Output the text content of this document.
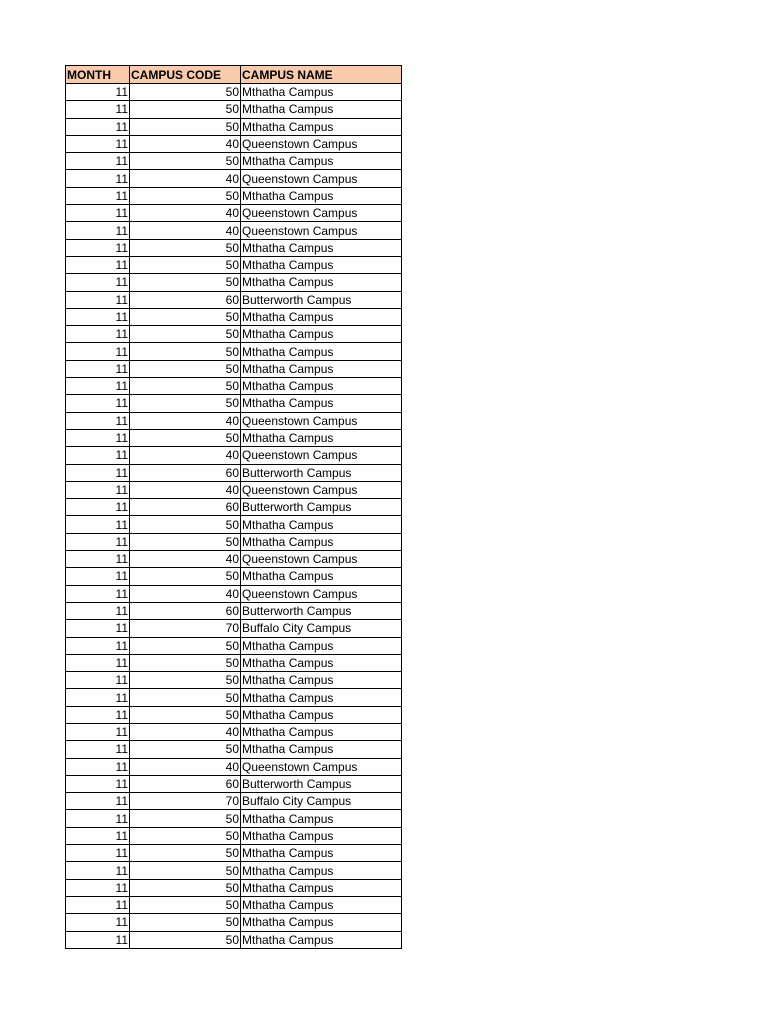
MONTH	CAMPUS CODE	CAMPUS NAME
11	50	Mthatha Campus
11	50	Mthatha Campus
11	50	Mthatha Campus
11	40	Queenstown Campus
11	50	Mthatha Campus
11	40	Queenstown Campus
11	50	Mthatha Campus
11	40	Queenstown Campus
11	40	Queenstown Campus
11	50	Mthatha Campus
11	50	Mthatha Campus
11	50	Mthatha Campus
11	60	Butterworth Campus
11	50	Mthatha Campus
11	50	Mthatha Campus
11	50	Mthatha Campus
11	50	Mthatha Campus
11	50	Mthatha Campus
11	50	Mthatha Campus
11	40	Queenstown Campus
11	50	Mthatha Campus
11	40	Queenstown Campus
11	60	Butterworth Campus
11	40	Queenstown Campus
11	60	Butterworth Campus
11	50	Mthatha Campus
11	50	Mthatha Campus
11	40	Queenstown Campus
11	50	Mthatha Campus
11	40	Queenstown Campus
11	60	Butterworth Campus
11	70	Buffalo City Campus
11	50	Mthatha Campus
11	50	Mthatha Campus
11	50	Mthatha Campus
11	50	Mthatha Campus
11	50	Mthatha Campus
11	40	Mthatha Campus
11	50	Mthatha Campus
11	40	Queenstown Campus
11	60	Butterworth Campus
11	70	Buffalo City Campus
11	50	Mthatha Campus
11	50	Mthatha Campus
11	50	Mthatha Campus
11	50	Mthatha Campus
11	50	Mthatha Campus
11	50	Mthatha Campus
11	50	Mthatha Campus
11	50	Mthatha Campus
